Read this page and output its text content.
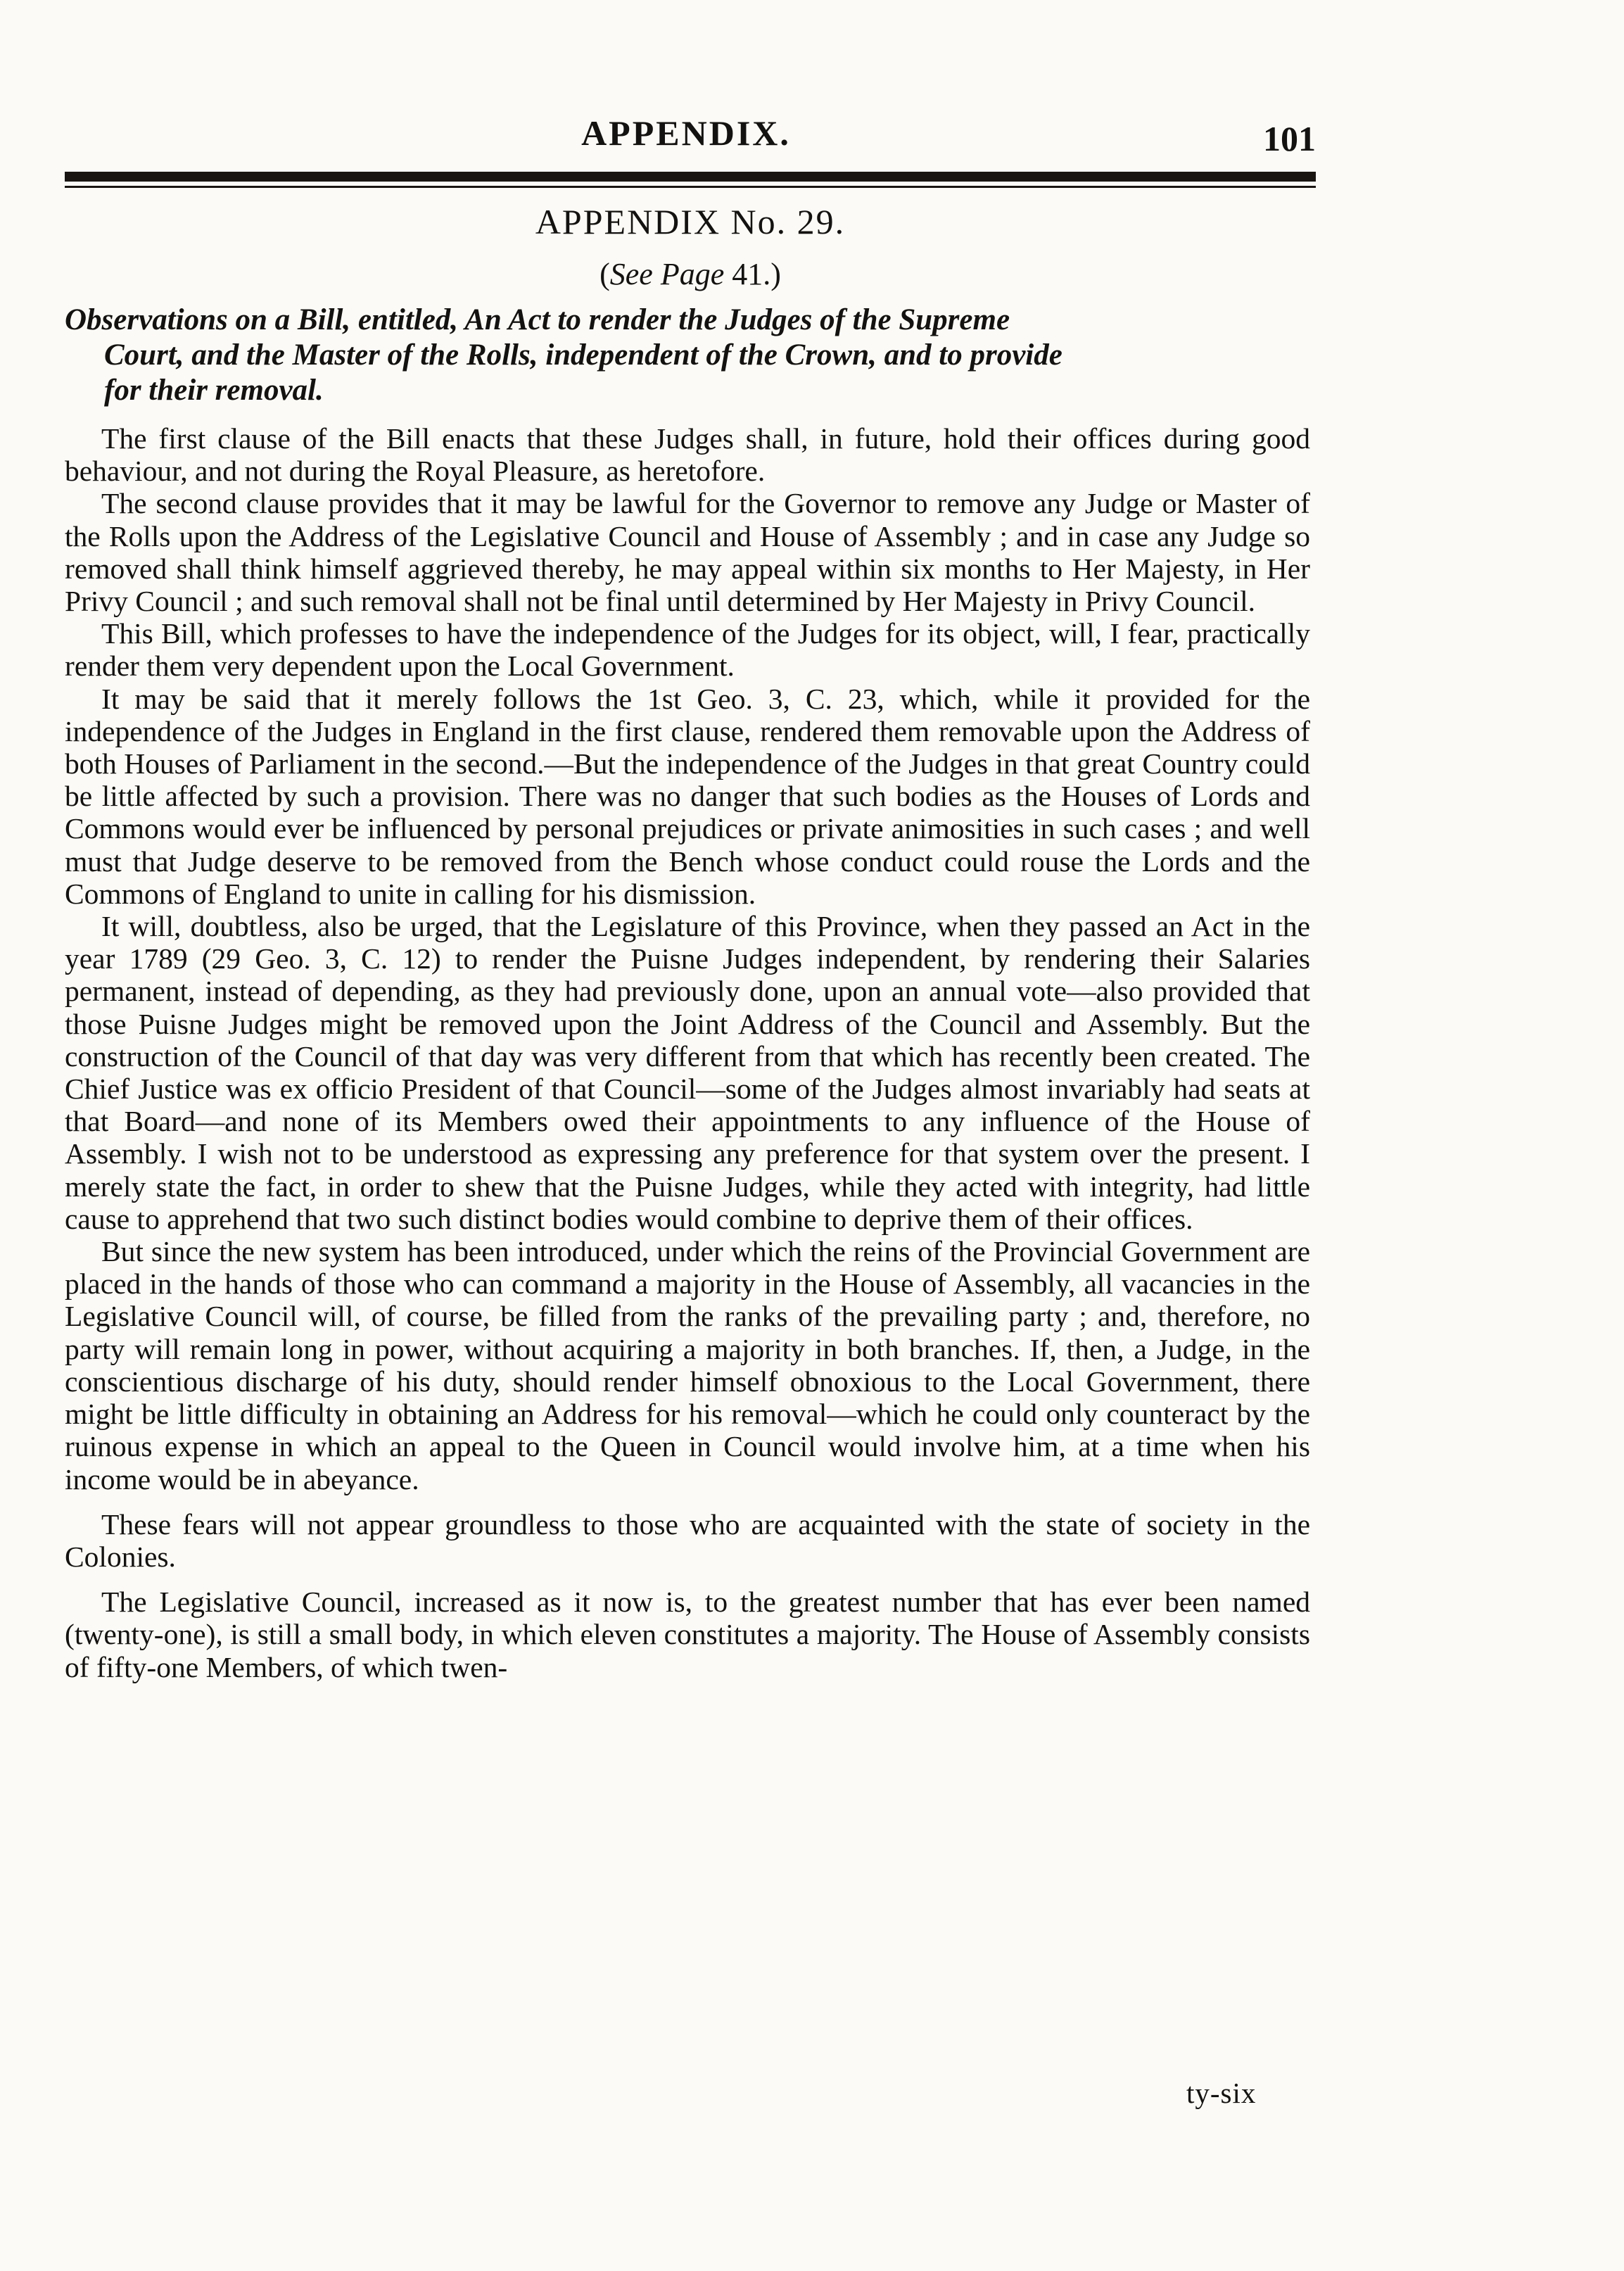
APPENDIX.	101
APPENDIX No. 29.
(See Page 41.)
Observations on a Bill, entitled, An Act to render the Judges of the Supreme
Court, and the Master of the Rolls, independent of the Crown, and to provide
for their removal.

The first clause of the Bill enacts that these Judges shall, in future, hold their offices during good behaviour, and not during the Royal Pleasure, as heretofore.

The second clause provides that it may be lawful for the Governor to remove any Judge or Master of the Rolls upon the Address of the Legislative Council and House of Assembly ; and in case any Judge so removed shall think himself aggrieved thereby, he may appeal within six months to Her Majesty, in Her Privy Council ; and such removal shall not be final until determined by Her Majesty in Privy Council.

This Bill, which professes to have the independence of the Judges for its object, will, I fear, practically render them very dependent upon the Local Government.

It may be said that it merely follows the 1st Geo. 3, C. 23, which, while it provided for the independence of the Judges in England in the first clause, rendered them removable upon the Address of both Houses of Parliament in the second.—But the independence of the Judges in that great Country could be little affected by such a provision. There was no danger that such bodies as the Houses of Lords and Commons would ever be influenced by personal prejudices or private animosities in such cases ; and well must that Judge deserve to be removed from the Bench whose conduct could rouse the Lords and the Commons of England to unite in calling for his dismission.

It will, doubtless, also be urged, that the Legislature of this Province, when they passed an Act in the year 1789 (29 Geo. 3, C. 12) to render the Puisne Judges independent, by rendering their Salaries permanent, instead of depending, as they had previously done, upon an annual vote—also provided that those Puisne Judges might be removed upon the Joint Address of the Council and Assembly. But the construction of the Council of that day was very different from that which has recently been created. The Chief Justice was ex officio President of that Council—some of the Judges almost invariably had seats at that Board—and none of its Members owed their appointments to any influence of the House of Assembly. I wish not to be understood as expressing any preference for that system over the present. I merely state the fact, in order to shew that the Puisne Judges, while they acted with integrity, had little cause to apprehend that two such distinct bodies would combine to deprive them of their offices.

But since the new system has been introduced, under which the reins of the Provincial Government are placed in the hands of those who can command a majority in the House of Assembly, all vacancies in the Legislative Council will, of course, be filled from the ranks of the prevailing party ; and, therefore, no party will remain long in power, without acquiring a majority in both branches. If, then, a Judge, in the conscientious discharge of his duty, should render himself obnoxious to the Local Government, there might be little difficulty in obtaining an Address for his removal—which he could only counteract by the ruinous expense in which an appeal to the Queen in Council would involve him, at a time when his income would be in abeyance.

These fears will not appear groundless to those who are acquainted with the state of society in the Colonies.

The Legislative Council, increased as it now is, to the greatest number that has ever been named (twenty-one), is still a small body, in which eleven constitutes a majority. The House of Assembly consists of fifty-one Members, of which twen-

ty-six
